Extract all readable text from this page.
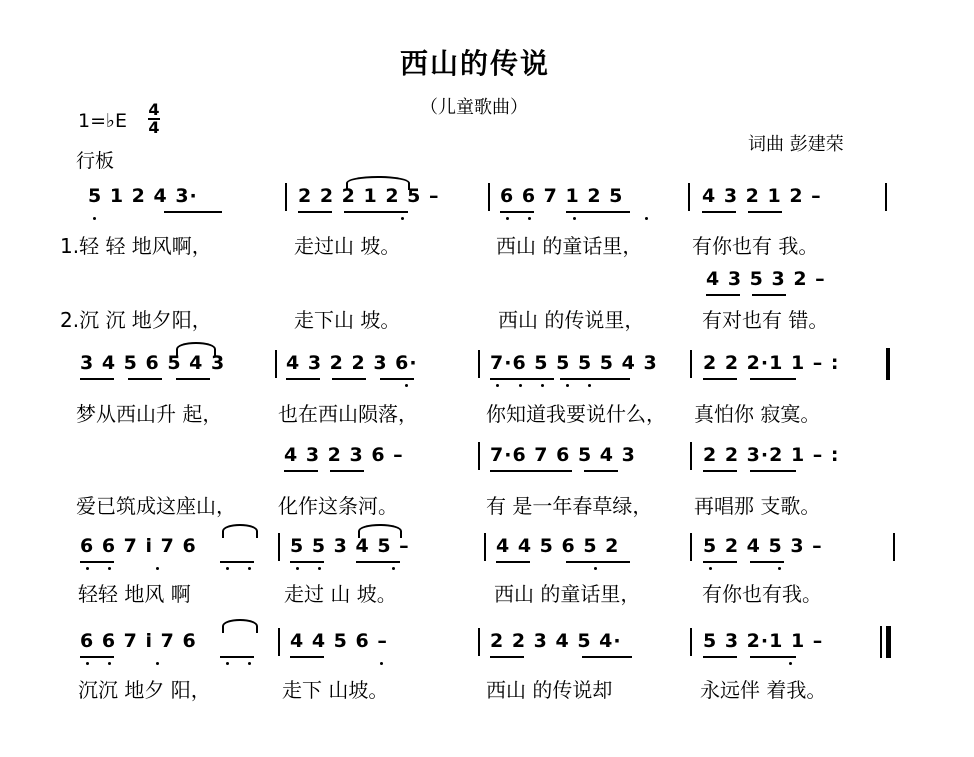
西山的传说
（儿童歌曲）
1=♭E
4
4
行板
词曲 彭建荣
5 1 2 4 3·	2 2 2 1 2 5 –	6 6 7 1 2 5	4 3 2 1 2 –
1.轻 轻 地风啊，	走过山 坡。	西山 的童话里， 有你也有 我。
4 3 5 3 2 –
2.沉 沉 地夕阳，	走下山 坡。	西山 的传说里，	有对也有 错。
3 4 5 6 5 4 3	4 3 2 2 3 6·	7·6 5 5 5 5 4 3 2 2 2·1 1 – :
梦从西山升 起，	也在西山陨落，	你知道我要说什么， 真怕你 寂寞。
4 3 2 3 6 –	7·6 7 6 5 4 3	2 2 3·2 1 – :
爱已筑成这座山， 化作这条河。	有 是一年春草绿， 再唱那 支歌。
6 6 7 i 7 6	5 5 3 4 5 –	4 4 5 6 5 2	5 2 4 5 3 –
轻轻 地风 啊	走过 山 坡。	西山 的童话里，	有你也有我。
6 6 7 i 7 6	4 4 5 6 –	2 2 3 4 5 4·	5 3 2·1 1 –
沉沉 地夕 阳，	走下 山坡。	西山 的传说却	永远伴 着我。
